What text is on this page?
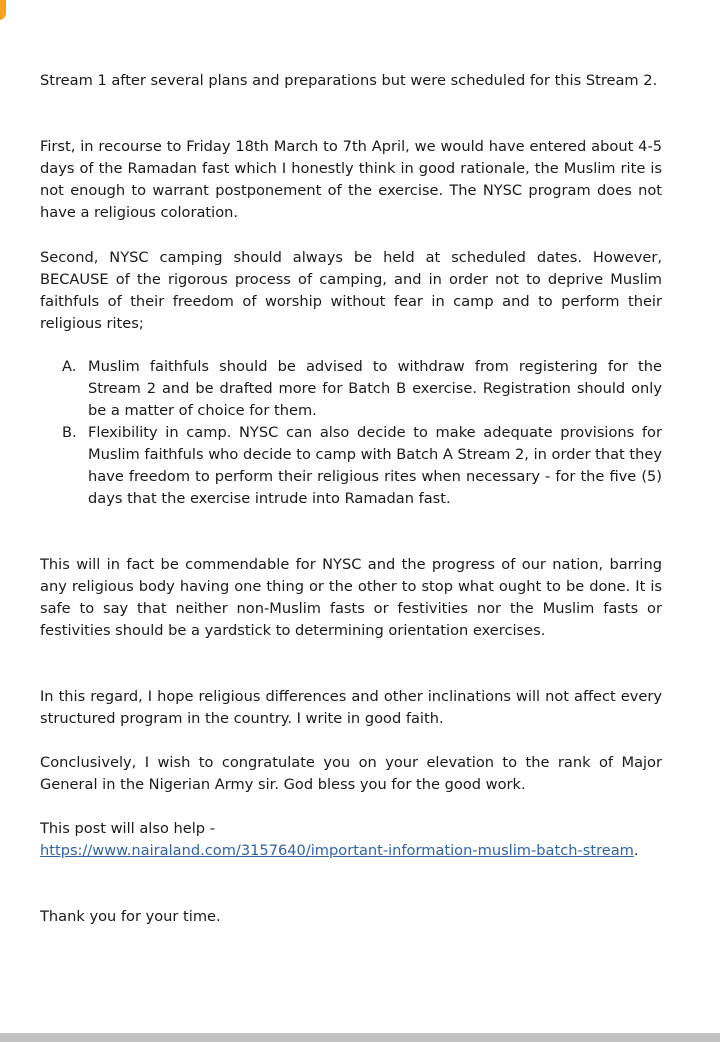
Stream 1 after several plans and preparations but were scheduled for this Stream 2.

First, in recourse to Friday 18th March to 7th April, we would have entered about 4-5 days of the Ramadan fast which I honestly think in good rationale, the Muslim rite is not enough to warrant postponement of the exercise. The NYSC program does not have a religious coloration.

Second, NYSC camping should always be held at scheduled dates. However, BECAUSE of the rigorous process of camping, and in order not to deprive Muslim faithfuls of their freedom of worship without fear in camp and to perform their religious rites;

A. Muslim faithfuls should be advised to withdraw from registering for the Stream 2 and be drafted more for Batch B exercise. Registration should only be a matter of choice for them.
B. Flexibility in camp. NYSC can also decide to make adequate provisions for Muslim faithfuls who decide to camp with Batch A Stream 2, in order that they have freedom to perform their religious rites when necessary - for the five (5) days that the exercise intrude into Ramadan fast.

This will in fact be commendable for NYSC and the progress of our nation, barring any religious body having one thing or the other to stop what ought to be done. It is safe to say that neither non-Muslim fasts or festivities nor the Muslim fasts or festivities should be a yardstick to determining orientation exercises.

In this regard, I hope religious differences and other inclinations will not affect every structured program in the country. I write in good faith.

Conclusively, I wish to congratulate you on your elevation to the rank of Major General in the Nigerian Army sir. God bless you for the good work.

This post will also help -
https://www.nairaland.com/3157640/important-information-muslim-batch-stream.

Thank you for your time.
